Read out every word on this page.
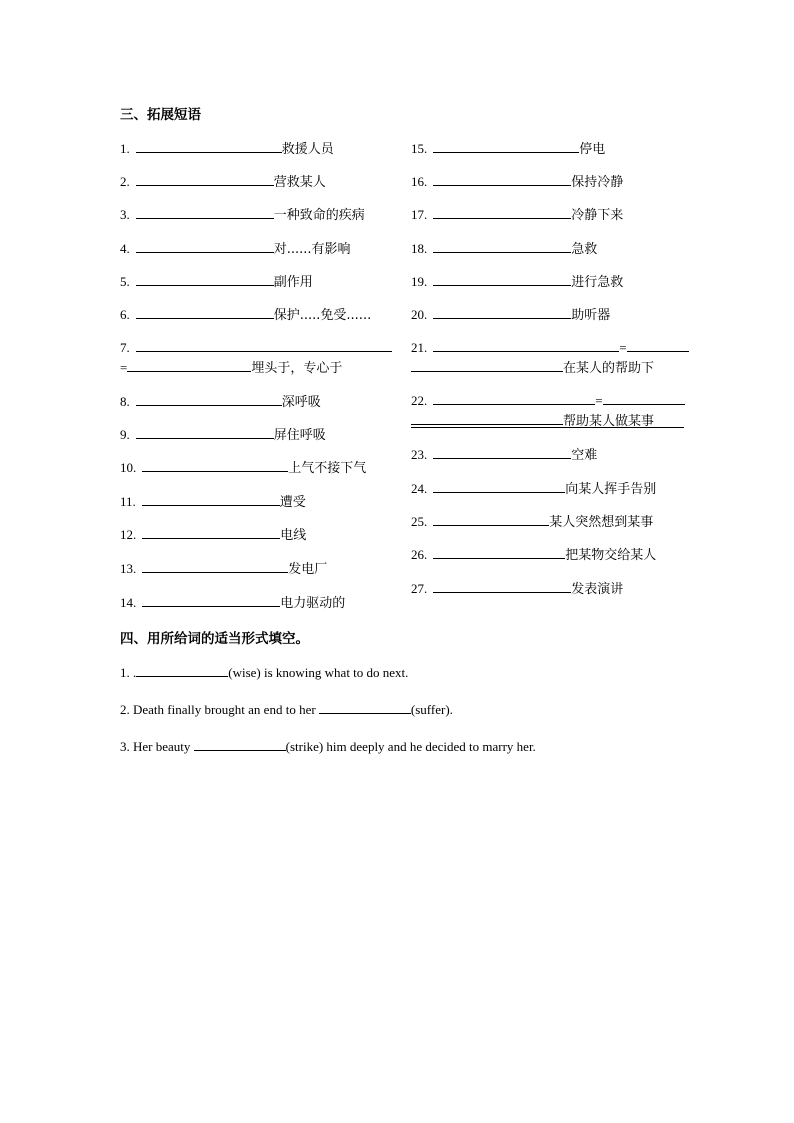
三、拓展短语
1.	救援人员
2.	营救某人
3.	一种致命的疾病
4.	对......有影响
5.	副作用
6.	保护.....免受......
7.
=	埋头于，专心于
8.	深呼吸
9.	屏住呼吸
10.	上气不接下气
11.	遭受
12.	电线
13.	发电厂
14.	电力驱动的
15.	停电
16.	保持冷静
17.	冷静下来
18.	急救
19.	进行急救
20.	助听器
21.	=
在某人的帮助下
22.	=
帮助某人做某事
23.	空难
24.	向某人挥手告别
25.	某人突然想到某事
26.	把某物交给某人
27.	发表演讲
四、用所给词的适当形式填空。
1. .	(wise) is knowing what to do next.
2. Death finally brought an end to her	(suffer).
3. Her beauty	(strike) him deeply and he decided to marry her.
